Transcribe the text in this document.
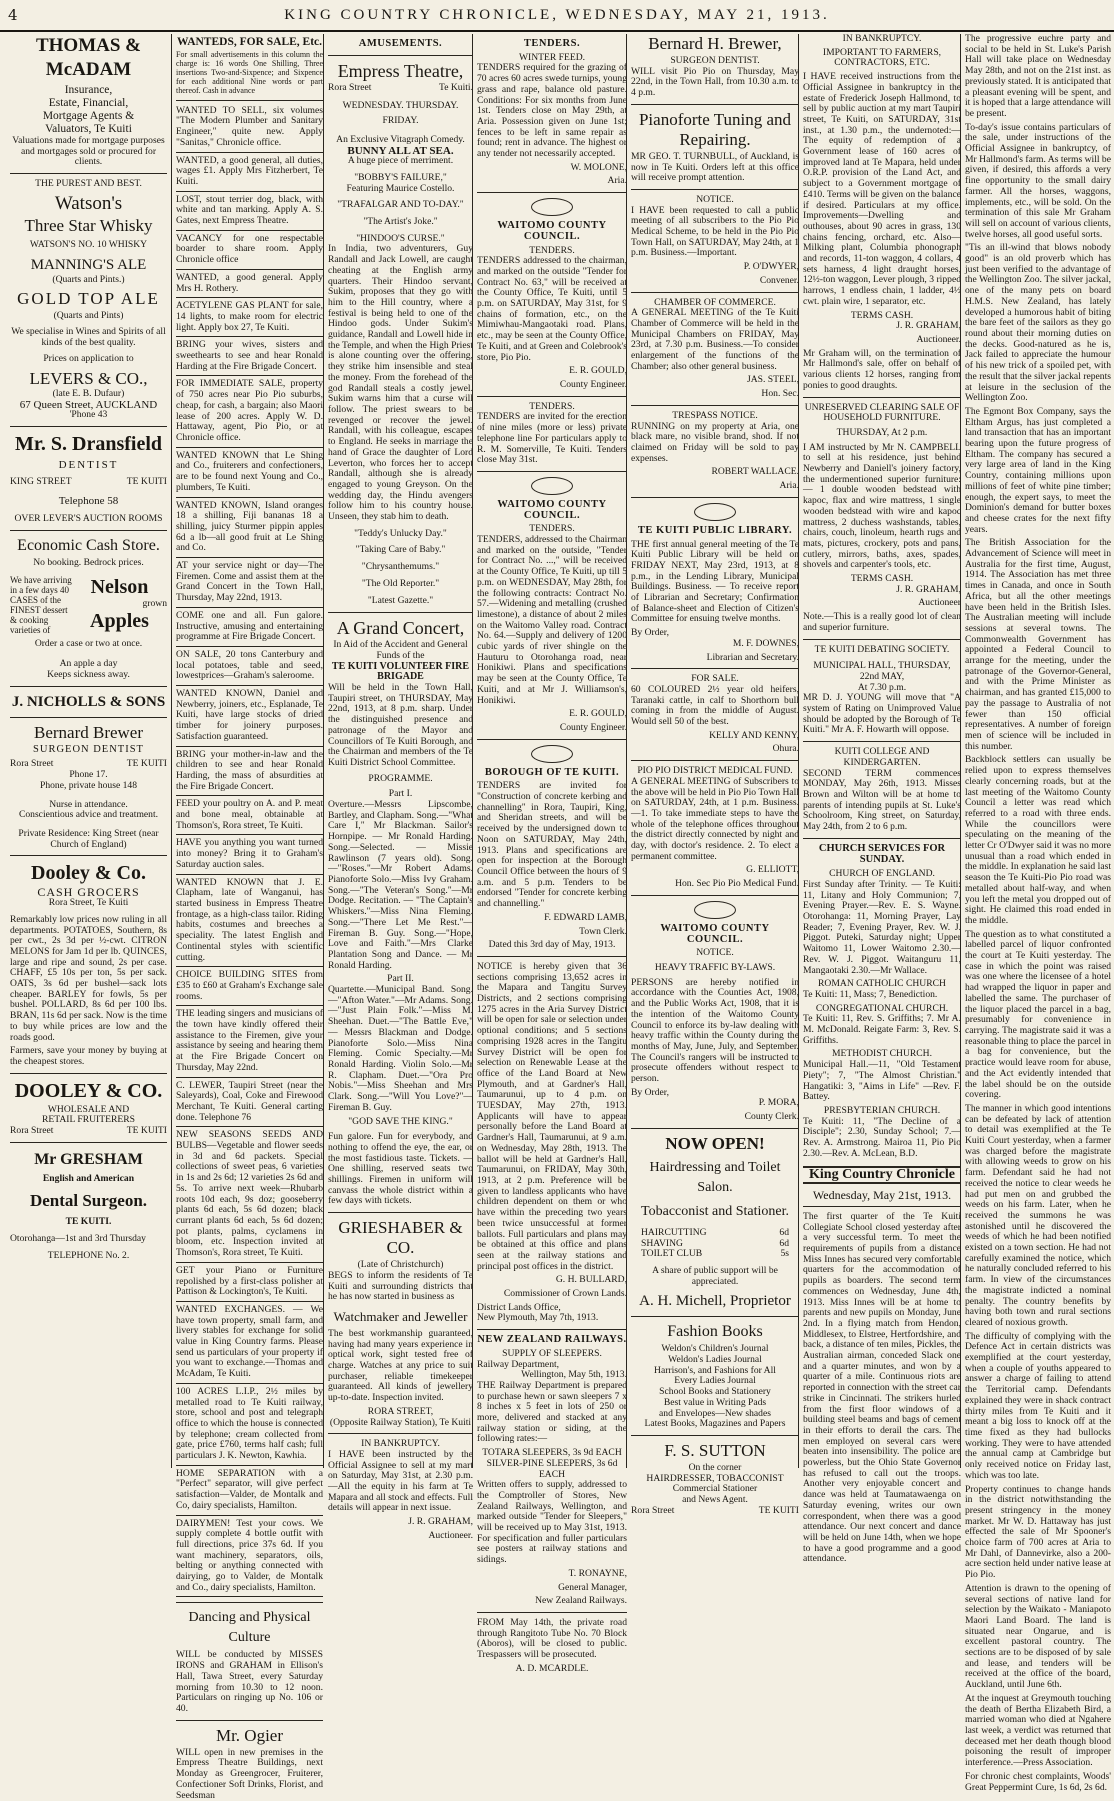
4	KING COUNTRY CHRONICLE, WEDNESDAY, MAY 21, 1913.
THOMAS & McADAM
Insurance,
Estate, Financial,
Mortgage Agents &
Valuators, Te Kuiti

Valuations made for mortgage purposes and mortgages sold or procured for clients.

THE PUREST AND BEST.
Watson's
Three Star Whisky
WATSON'S NO. 10 WHISKY
MANNING'S ALE
(Quarts and Pints.)
GOLD TOP ALE
(Quarts and Pints)

We specialise in Wines and Spirits of all kinds of the best quality.

Prices on application to
LEVERS & CO.,
(late E. B. Dufaur)
67 Queen Street, AUCKLAND
'Phone 43
Mr. S. Dransfield
DENTIST
KING STREET	TE KUITI
Telephone 58
OVER LEVER'S AUCTION ROOMS
Economic Cash Store.
No booking. Bedrock prices.
We have arriving in a few days 40 CASES of the FINEST dessert & cooking varieties of
Nelson
grown
Apples
Order a case or two at once.
An apple a day
Keeps sickness away.
J. NICHOLLS & SONS
Bernard Brewer
SURGEON DENTIST
Rora Street	TE KUITI
Phone 17.
Phone, private house 148
Nurse in attendance.
Conscientious advice and treatment.

Private Residence: King Street (near Church of England)

Dooley & Co.
CASH GROCERS
Rora Street, Te Kuiti

Remarkably low prices now ruling in all departments. POTATOES, Southern, 8s per cwt., 2s 3d per ½-cwt. CITRON MELONS for Jam 1d per lb. QUINCES, large and ripe and sound, 2s per case. CHAFF, £5 10s per ton, 5s per sack. OATS, 3s 6d per bushel—sack lots cheaper. BARLEY for fowls, 5s per bushel. POLLARD, 8s 6d per 100 lbs. BRAN, 11s 6d per sack. Now is the time to buy while prices are low and the roads good.

Farmers, save your money by buying at the cheapest stores.

DOOLEY & CO.
WHOLESALE AND
RETAIL FRUITERERS
Rora Street	TE KUITI
Mr GRESHAM
English and American
Dental Surgeon.
TE KUITI.
Otorohanga—1st and 3rd Thursday
TELEPHONE No. 2.
WANTEDS, FOR SALE, Etc.

For small advertisements in this column the charge is: 16 words One Shilling, Three insertions Two-and-Sixpence; and Sixpence for each additional Nine words or part thereof. Cash in advance

WANTED TO SELL, six volumes "The Modern Plumber and Sanitary Engineer," quite new. Apply "Sanitas," Chronicle office.

WANTED, a good general, all duties, wages £1. Apply Mrs Fitzherbert, Te Kuiti.

LOST, stout terrier dog, black, with white and tan marking. Apply A. S. Gates, next Empress Theatre.

VACANCY for one respectable boarder to share room. Apply Chronicle office

WANTED, a good general. Apply Mrs H. Rothery.

ACETYLENE GAS PLANT for sale, 14 lights, to make room for electric light. Apply box 27, Te Kuiti.

BRING your wives, sisters and sweethearts to see and hear Ronald Harding at the Fire Brigade Concert.

FOR IMMEDIATE SALE, property of 750 acres near Pio Pio suburbs, cheap, for cash, a bargain; also Maori lease of 200 acres. Apply W. D. Hattaway, agent, Pio Pio, or at Chronicle office.

WANTED KNOWN that Le Shing and Co., fruiterers and confectioners, are to be found next Young and Co., plumbers, Te Kuiti.

WANTED KNOWN, Island oranges 18 a shilling, Fiji bananas 18 a shilling, juicy Sturmer pippin apples 6d a lb—all good fruit at Le Shing and Co.

AT your service night or day—The Firemen. Come and assist them at the Grand Concert in the Town Hall, Thursday, May 22nd, 1913.

COME one and all. Fun galore. Instructive, amusing and entertaining programme at Fire Brigade Concert.

ON SALE, 20 tons Canterbury and local potatoes, table and seed, lowestprices—Graham's saleroome.

WANTED KNOWN, Daniel and Newberry, joiners, etc., Esplanade, Te Kuiti, have large stocks of dried timber for joinery purposes. Satisfaction guaranteed.

BRING your mother-in-law and the children to see and hear Ronald Harding, the mass of absurdities at the Fire Brigade Concert.

FEED your poultry on A. and P. meat and bone meal, obtainable at Thomson's, Rora street, Te Kuiti.

HAVE you anything you want turned into money? Bring it to Graham's Saturday auction sales.

WANTED KNOWN that J. E. Clapham, late of Wanganui, has started business in Empress Theatre frontage, as a high-class tailor. Riding habits, costumes and breeches a speciality. The latest English and Continental styles with scientific cutting.

CHOICE BUILDING SITES from £35 to £60 at Graham's Exchange sale rooms.

THE leading singers and musicians of the town have kindly offered their assistance to the Firemen, give your assistance by seeing and hearing them at the Fire Brigade Concert on Thursday, May 22nd.

C. LEWER, Taupiri Street (near the Saleyards), Coal, Coke and Firewood Merchant, Te Kuiti. General carting done. Telephone 76

NEW SEASONS SEEDS AND BULBS—Vegetable and flower seeds in 3d and 6d packets. Special collections of sweet peas, 6 varieties in 1s and 2s 6d; 12 varieties 2s 6d and 5s. To arrive next week—Rhubarb roots 10d each, 9s doz; gooseberry plants 6d each, 5s 6d dozen; black currant plants 6d each, 5s 6d dozen; pot plants, palms, cyclamens in bloom, etc. Inspection invited at Thomson's, Rora street, Te Kuiti.

GET your Piano or Furniture repolished by a first-class polisher at Pattison & Lockington's, Te Kuiti.

WANTED EXCHANGES. — We have town property, small farm, and livery stables for exchange for solid value in King Country farms. Please send us particulars of your property if you want to exchange.—Thomas and McAdam, Te Kuiti.

100 ACRES L.I.P., 2½ miles by metalled road to Te Kuiti railway, store, school and post and telegraph office to which the house is connected by telephone; cream collected from gate, price £760, terms half cash; full particulars J. K. Newton, Kawhia.

HOME SEPARATION with a "Perfect" separator, will give perfect satisfaction—Valder, de Montalk and Co, dairy specialists, Hamilton.

DAIRYMEN! Test your cows. We supply complete 4 bottle outfit with full directions, price 37s 6d. If you want machinery, separators, oils, belting or anything connected with dairying, go to Valder, de Montalk and Co., dairy specialists, Hamilton.

Dancing and Physical Culture

WILL be conducted by MISSES IRONS and GRAHAM in Ellison's Hall, Tawa Street, every Saturday morning from 10.30 to 12 noon. Particulars on ringing up No. 106 or 40.

Mr. Ogier

WILL open in new premises in the Empress Theatre Buildings, next Monday as Greengrocer, Fruiterer, Confectioner Soft Drinks, Florist, and Seedsman

AMUSEMENTS.
Empress Theatre,
Rora Street	Te Kuiti.
WEDNESDAY. THURSDAY.
FRIDAY.
An Exclusive Vitagraph Comedy.
BUNNY ALL AT SEA.
A huge piece of merriment.
"BOBBY'S FAILURE,"
Featuring Maurice Costello.
"TRAFALGAR AND TO-DAY."
"The Artist's Joke."
"HINDOO'S CURSE."

In India, two adventurers, Guy Randall and Jack Lowell, are caught cheating at the English army quarters. Their Hindoo servant, Sukim, proposes that they go with him to the Hill country, where a festival is being held to one of the Hindoo gods. Under Sukim's guidance, Randall and Lowell hide in the Temple, and when the High Priest is alone counting over the offering, they strike him insensible and steal the money. From the forehead of the god Randall steals a costly jewel. Sukim warns him that a curse will follow. The priest swears to be revenged or recover the jewel. Randall, with his colleague, escapes to England. He seeks in marriage the hand of Grace the daughter of Lord Leverton, who forces her to accept Randall, although she is already engaged to young Greyson. On the wedding day, the Hindu avengers follow him to his country house. Unseen, they stab him to death.

"Teddy's Unlucky Day."
"Taking Care of Baby."
"Chrysanthemums."
"The Old Reporter."
"Latest Gazette."
A Grand Concert,
In Aid of the Accident and General Funds of the
TE KUITI VOLUNTEER FIRE BRIGADE

Will be held in the Town Hall, Taupiri street, on THURSDAY, May 22nd, 1913, at 8 p.m. sharp. Under the distinguished presence and patronage of the Mayor and Councillors of Te Kuiti Borough, and the Chairman and members of the Te Kuiti District School Committee.

PROGRAMME.
Part I.

Overture.—Messrs Lipscombe, Bartley, and Clapham. Song.—"What Care I," Mr Blackman. Sailor's Hornpipe. — Mr Ronald Harding. Song.—Selected. — Missie Rawlinson (7 years old). Song.—"Roses."—Mr Robert Adams. Pianoforte Solo.—Miss Ivy Graham. Song.—"The Veteran's Song."—Mr Dodge. Recitation. — "The Captain's Whiskers."—Miss Nina Fleming. Song.—"There Let Me Rest."—Fireman B. Guy. Song.—"Hope, Love and Faith."—Mrs Clarke Plantation Song and Dance. — Mr Ronald Harding.

Part II.

Quartette.—Municipal Band. Song.—"Afton Water."—Mr Adams. Song.—"Just Plain Folk."—Miss M. Sheehan. Duet.—"The Battle Eve," — Messrs Blackman and Dodge. Pianoforte Solo.—Miss Nina Fleming. Comic Specialty.—Mr Ronald Harding. Violin Solo.—Mr R. Clapham. Duet.—"Ora Pro Nobis."—Miss Sheehan and Mrs Clark. Song.—"Will You Love?"—Fireman B. Guy.

"GOD SAVE THE KING."

Fun galore. Fun for everybody, and nothing to offend the eye, the ear, or the most fastidious taste. Tickets. — One shilling, reserved seats two shillings. Firemen in uniform will canvass the whole district within a few days with tickets.

GRIESHABER & CO.
(Late of Christchurch)

BEGS to inform the residents of Te Kuiti and surrounding districts that he has now started in business as

Watchmaker and Jeweller

The best workmanship guaranteed, having had many years experience in optical work, sight tested free of charge. Watches at any price to suit purchaser, reliable timekeeper guaranteed. All kinds of jewellery up-to-date. Inspection invited.

RORA STREET,
(Opposite Railway Station), Te Kuiti
IN BANKRUPTCY.

I HAVE been instructed by the Official Assignee to sell at my mart on Saturday, May 31st, at 2.30 p.m.—All the equity in his farm at Te Mapara and all stock and effects. Full details will appear in next issue.

J. R. GRAHAM,
Auctioneer.
TENDERS.
WINTER FEED.

TENDERS required for the grazing of 70 acres 60 acres swede turnips, young grass and rape, balance old pasture. Conditions: For six months from June 1st. Tenders close on May 29th, at Aria. Possession given on June 1st; fences to be left in same repair as found; rent in advance. The highest or any tender not necessarily accepted.

W. MOLONE,
Aria.
WAITOMO COUNTY COUNCIL.
TENDERS.

TENDERS addressed to the chairman, and marked on the outside "Tender for Contract No. 63," will be received at the County Office, Te Kuiti, until 5 p.m. on SATURDAY, May 31st, for 9 chains of formation, etc., on the Mimiwhau-Mangaotaki road. Plans, etc., may be seen at the County Office, Te Kuiti, and at Green and Colebrook's store, Pio Pio.

E. R. GOULD,
County Engineer.
TENDERS.

TENDERS are invited for the erection of nine miles (more or less) private telephone line For particulars apply to R. M. Somerville, Te Kuiti. Tenders close May 31st.

WAITOMO COUNTY COUNCIL.
TENDERS.

TENDERS, addressed to the Chairman and marked on the outside, "Tender for Contract No. ...," will be received at the County Office, Te Kuiti, up till 5 p.m. on WEDNESDAY, May 28th, for the following contracts: Contract No. 57.—Widening and metalling (crushed limestone), a distance of about 2 miles on the Waitomo Valley road. Contract No. 64.—Supply and delivery of 1200 cubic yards of river shingle on the Hauturu to Otorohanga road, near Honikiwi. Plans and specifications may be seen at the County Office, Te Kuiti, and at Mr J. Williamson's, Honikiwi.

E. R. GOULD,
County Engineer.
BOROUGH OF TE KUITI.

TENDERS are invited for "Construction of concrete kerbing and channelling" in Rora, Taupiri, King, and Sheridan streets, and will be received by the undersigned down to Noon on SATURDAY, May 24th, 1913. Plans and specifications are open for inspection at the Borough Council Office between the hours of 9 a.m. and 5 p.m. Tenders to be endorsed "Tender for concrete kerbing and channelling."

F. EDWARD LAMB,
Town Clerk.
Dated this 3rd day of May, 1913.

NOTICE is hereby given that 36 sections comprising 13,652 acres in the Mapara and Tangitu Survey Districts, and 2 sections comprising 1275 acres in the Aria Survey District will be open for sale or selection under optional conditions; and 5 sections comprising 1928 acres in the Tangitu Survey District will be open for selection on Renewable Lease at the office of the Land Board at New Plymouth, and at Gardner's Hall, Taumarunui, up to 4 p.m. on TUESDAY, May 27th, 1913. Applicants will have to appear personally before the Land Board at Gardner's Hall, Taumarunui, at 9 a.m. on Wednesday, May 28th, 1913. The ballot will be held at Gardner's Hall, Taumarunui, on FRIDAY, May 30th, 1913, at 2 p.m. Preference will be given to landless applicants who have children dependent on them or who have within the preceding two years been twice unsuccessful at former ballots. Full particulars and plans may be obtained at this office and plans seen at the railway stations and principal post offices in the district.

G. H. BULLARD,
Commissioner of Crown Lands.
District Lands Office,
New Plymouth, May 7th, 1913.
NEW ZEALAND RAILWAYS.
SUPPLY OF SLEEPERS.
Railway Department,
Wellington, May 5th, 1913.

THE Railway Department is prepared to purchase hewn or sawn sleepers 7 x 8 inches x 5 feet in lots of 250 or more, delivered and stacked at any railway station or siding, at the following rates:—

TOTARA SLEEPERS, 3s 9d EACH
SILVER-PINE SLEEPERS, 3s 6d EACH

Written offers to supply, addressed to the Comptroller of Stores, New Zealand Railways, Wellington, and marked outside "Tender for Sleepers," will be received up to May 31st, 1913. For specification and fuller particulars see posters at railway stations and sidings.

T. RONAYNE,
General Manager,
New Zealand Railways.

FROM May 14th, the private road through Rangitoto Tube No. 70 Block (Aboros), will be closed to public. Trespassers will be prosecuted.

A. D. MCARDLE.
Bernard H. Brewer,
SURGEON DENTIST.

WILL visit Pio Pio on Thursday, May 22nd, in the Town Hall, from 10.30 a.m. to 4 p.m.

Pianoforte Tuning and Repairing.

MR GEO. T. TURNBULL, of Auckland, is now in Te Kuiti. Orders left at this office will receive prompt attention.

NOTICE.

I HAVE been requested to call a public meeting of all subscribers to the Pio Pio Medical Scheme, to be held in the Pio Pio Town Hall, on SATURDAY, May 24th, at 1 p.m. Business.—Important.

P. O'DWYER,
Convener.
CHAMBER OF COMMERCE.

A GENERAL MEETING of the Te Kuiti Chamber of Commerce will be held in the Municipal Chambers on FRIDAY, May 23rd, at 7.30 p.m. Business.—To consider enlargement of the functions of the Chamber; also other general business.

JAS. STEEL,
Hon. Sec.
TRESPASS NOTICE.

RUNNING on my property at Aria, one black mare, no visible brand, shod. If not claimed on Friday will be sold to pay expenses.

ROBERT WALLACE.
Aria.
TE KUITI PUBLIC LIBRARY.

THE first annual general meeting of the Te Kuiti Public Library will be held on FRIDAY NEXT, May 23rd, 1913, at 8 p.m., in the Lending Library, Municipal Buildings. Business. — To receive report of Librarian and Secretary; Confirmation of Balance-sheet and Election of Citizen's Committee for ensuing twelve months.

By Order,
M. F. DOWNES,
Librarian and Secretary.
FOR SALE.

60 COLOURED 2½ year old heifers, Taranaki cattle, in calf to Shorthorn bull coming in from the middle of August. Would sell 50 of the best.

KELLY AND KENNY,
Ohura.
PIO PIO DISTRICT MEDICAL FUND.

A GENERAL MEETING of Subscribers to the above will be held in Pio Pio Town Hall on SATURDAY, 24th, at 1 p.m. Business.—1. To take immediate steps to have the whole of the telephone offices throughout the district directly connected by night and day, with doctor's residence. 2. To elect a permanent committee.

G. ELLIOTT,
Hon. Sec Pio Pio Medical Fund.
WAITOMO COUNTY COUNCIL.
NOTICE.
HEAVY TRAFFIC BY-LAWS.

PERSONS are hereby notified in accordance with the Counties Act, 1908, and the Public Works Act, 1908, that it is the intention of the Waitomo County Council to enforce its by-law dealing with heavy traffic within the County during the months of May, June, July, and September. The Council's rangers will be instructed to prosecute offenders without respect to person.

By Order,
P. MORA,
County Clerk.
NOW OPEN!
Hairdressing and Toilet Salon.
Tobacconist and Stationer.
HAIRCUTTING	6d
SHAVING	6d
TOILET CLUB	5s
A share of public support will be appreciated.
A. H. Michell, Proprietor
Fashion Books
Weldon's Children's Journal
Weldon's Ladies Journal
Harrison's, and Fashions for All
Every Ladies Journal
School Books and Stationery
Best value in Writing Pads
and Envelopes—New shades
Latest Books, Magazines and Papers
F. S. SUTTON
On the corner
HAIRDRESSER, TOBACCONIST
Commercial Stationer
and News Agent.
Rora Street	TE KUITI
IN BANKRUPTCY.
IMPORTANT TO FARMERS, CONTRACTORS, ETC.

I HAVE received instructions from the Official Assignee in bankruptcy in the estate of Frederick Joseph Hallmond, to sell by public auction at my mart Taupiri street, Te Kuiti, on SATURDAY, 31st inst., at 1.30 p.m., the undernoted:— The equity of redemption of a Government lease of 160 acres of improved land at Te Mapara, held under O.R.P. provision of the Land Act, and subject to a Government mortgage of £410. Terms will be given on the balance if desired. Particulars at my office. Improvements—Dwelling and outhouses, about 90 acres in grass, 130 chains fencing, orchard, etc. Also—Milking plant, Columbia phonograph and records, 11-ton waggon, 4 collars, 4 sets harness, 4 light draught horses, 12½-ton waggon, Lever plough, 3 ripped harrows, 1 endless chain, 1 ladder, 4½ cwt. plain wire, 1 separator, etc.

TERMS CASH.
J. R. GRAHAM,
Auctioneer.

Mr Graham will, on the termination of Mr Hallmond's sale, offer on behalf of various clients 12 horses, ranging from ponies to good draughts.

UNRESERVED CLEARING SALE OF HOUSEHOLD FURNITURE.
THURSDAY, At 2 p.m.

I AM instructed by Mr N. CAMPBELL to sell at his residence, just behind Newberry and Daniell's joinery factory, the undermentioned superior furniture:— 1 double wooden bedstead with kapoc, flax and wire mattress, 1 single wooden bedstead with wire and kapoc mattress, 2 duchess washstands, tables, chairs, couch, linoleum, hearth rugs and mats, pictures, crockery, pots and pans, cutlery, mirrors, baths, axes, spades, shovels and carpenter's tools, etc.

TERMS CASH.
J. R. GRAHAM,
Auctioneer

Note.—This is a really good lot of clean and superior furniture.

TE KUITI DEBATING SOCIETY.
MUNICIPAL HALL, THURSDAY, 22nd MAY,
At 7.30 p.m.

MR D. J. YOUNG will move that "A system of Rating on Unimproved Value should be adopted by the Borough of Te Kuiti." Mr A. F. Howarth will oppose.

KUITI COLLEGE AND KINDERGARTEN.

SECOND TERM commences MONDAY, May 26th, 1913. Misses Brown and Wilton will be at home to parents of intending pupils at St. Luke's Schoolroom, King street, on Saturday, May 24th, from 2 to 6 p.m.

CHURCH SERVICES FOR SUNDAY.
CHURCH OF ENGLAND.

First Sunday after Trinity. — Te Kuiti: 11, Litany and Holy Communion; 7, Evening Prayer.—Rev. E. S. Wayne. Otorohanga: 11, Morning Prayer, Lay Reader; 7, Evening Prayer, Rev. W. J. Piggot. Puteki, Saturday night; Upper Waitomo 11, Lower Waitomo 2.30.—Rev. W. J. Piggot. Waitanguru 11, Mangaotaki 2.30.—Mr Wallace.

ROMAN CATHOLIC CHURCH

Te Kuiti: 11, Mass; 7, Benediction.

CONGREGATIONAL CHURCH.

Te Kuiti: 11, Rev. S. Griffiths; 7. Mr A. M. McDonald. Reigate Farm: 3, Rev. S. Griffiths.

METHODIST CHURCH.

Municipal Hall.—11, "Old Testament Piety"; 7, "The Almost Christian." Hangatiki: 3, "Aims in Life" —Rev. F. Battey.

PRESBYTERIAN CHURCH.

Te Kuiti: 11, "The Decline of a Disciple"; 2.30, Sunday School; 7.— Rev. A. Armstrong. Mairoa 11, Pio Pio 2.30.—Rev. A. McLean, B.D.

King Country Chronicle
Wednesday, May 21st, 1913.

The first quarter of the Te Kuiti Collegiate School closed yesterday after a very successful term. To meet the requirements of pupils from a distance Miss Innes has secured very comfortable quarters for the accommodation of pupils as boarders. The second term commences on Wednesday, June 4th, 1913. Miss Innes will be at home to parents and new pupils on Monday, June 2nd. In a flying match from Hendon, Middlesex, to Elstree, Hertfordshire, and back, a distance of ten miles, Pickles, the Australian airman, conceded Slack one and a quarter minutes, and won by a quarter of a mile. Continuous riots are reported in connection with the street car strike in Cincinnati. The strikers hurled from the first floor windows of a building steel beams and bags of cement in their efforts to derail the cars. The men employed on several cars were beaten into insensibility. The police are powerless, but the Ohio State Governor has refused to call out the troops. Another very enjoyable concert and dance was held at Taumatawaenga on Saturday evening, writes our own correspondent, when there was a good attendance. Our next concert and dance will be held on June 14th, when we hope to have a good programme and a good attendance.

The progressive euchre party and social to be held in St. Luke's Parish Hall will take place on Wednesday May 28th, and not on the 21st inst. as previously stated. It is anticipated that a pleasant evening will be spent, and it is hoped that a large attendance will be present.

To-day's issue contains particulars of the sale, under instructions of the Official Assignee in bankruptcy, of Mr Hallmond's farm. As terms will be given, if desired, this affords a very fine opportunity to the small dairy farmer. All the horses, waggons, implements, etc., will be sold. On the termination of this sale Mr Graham will sell on account of various clients, twelve horses, all good useful sorts.

"Tis an ill-wind that blows nobody good" is an old proverb which has just been verified to the advantage of the Wellington Zoo. The silver jackal, one of the many pets on board H.M.S. New Zealand, has lately developed a humorous habit of biting the bare feet of the sailors as they go round about their morning duties on the decks. Good-natured as he is, Jack failed to appreciate the humour of his new trick of a spoiled pet, with the result that the silver jackal repents at leisure in the seclusion of the Wellington Zoo.

The Egmont Box Company, says the Eltham Argus, has just completed a land transaction that has an important bearing upon the future progress of Eltham. The company has secured a very large area of land in the King Country, containing millions upon millions of feet of white pine timber; enough, the expert says, to meet the Dominion's demand for butter boxes and cheese crates for the next fifty years.

The British Association for the Advancement of Science will meet in Australia for the first time, August, 1914. The Association has met three times in Canada, and once in South Africa, but all the other meetings have been held in the British Isles. The Australian meeting will include sessions at several towns. The Commonwealth Government has appointed a Federal Council to arrange for the meeting, under the patronage of the Governor-General, and with the Prime Minister as chairman, and has granted £15,000 to pay the passage to Australia of not fewer than 150 official representatives. A number of foreign men of science will be included in this number.

Backblock settlers can usually be relied upon to express themselves clearly concerning roads, but at the last meeting of the Waitomo County Council a letter was read which referred to a road with three ends. While the councillors were speculating on the meaning of the letter Cr O'Dwyer said it was no more unusual than a road which ended in the middle. In explanation he said last season the Te Kuiti-Pio Pio road was metalled about half-way, and when you left the metal you dropped out of sight. He claimed this road ended in the middle.

The question as to what constituted a labelled parcel of liquor confronted the court at Te Kuiti yesterday. The case in which the point was raised was one where the licensee of a hotel had wrapped the liquor in paper and labelled the same. The purchaser of the liquor placed the parcel in a bag, presumably for convenience in carrying. The magistrate said it was a reasonable thing to place the parcel in a bag for convenience, but the practice would leave room for abuse, and the Act evidently intended that the label should be on the outside covering.

The manner in which good intentions can be defeated by lack of attention to detail was exemplified at the Te Kuiti Court yesterday, when a farmer was charged before the magistrate with allowing weeds to grow on his farm. Defendant said he had not received the notice to clear weeds he had put men on and grubbed the weeds on his farm. Later, when he received the summons he was astonished until he discovered the weeds of which he had been notified existed on a town section. He had not carefully examined the notice, which he naturally concluded referred to his farm. In view of the circumstances the magistrate indicted a nominal penalty. The country benefits by having both town and rural sections cleared of noxious growth.

The difficulty of complying with the Defence Act in certain districts was exemplified at the court yesterday, when a couple of youths appeared to answer a charge of failing to attend the Territorial camp. Defendants explained they were in shack contract thirty miles from Te Kuiti and it meant a big loss to knock off at the time fixed as they had bullocks working. They were to have attended the annual camp at Cambridge but only received notice on Friday last, which was too late.

Property continues to change hands in the district notwithstanding the present stringency in the money market. Mr W. D. Hattaway has just effected the sale of Mr Spooner's choice farm of 700 acres at Aria to Mr Dahl, of Dannevirke, also a 200-acre section held under native lease at Pio Pio.

Attention is drawn to the opening of several sections of native land for selection by the Waikato - Maniapoto Maori Land Board. The land is situated near Ongarue, and is excellent pastoral country. The sections are to be disposed of by sale and lease, and tenders will be received at the office of the board, Auckland, until June 6th.

At the inquest at Greymouth touching the death of Bertha Elizabeth Bird, a married woman who died at Ngahere last week, a verdict was returned that deceased met her death though blood poisoning the result of improper interference.—Press Association.

For chronic chest complaints, Woods' Great Peppermint Cure, 1s 6d, 2s 6d.
